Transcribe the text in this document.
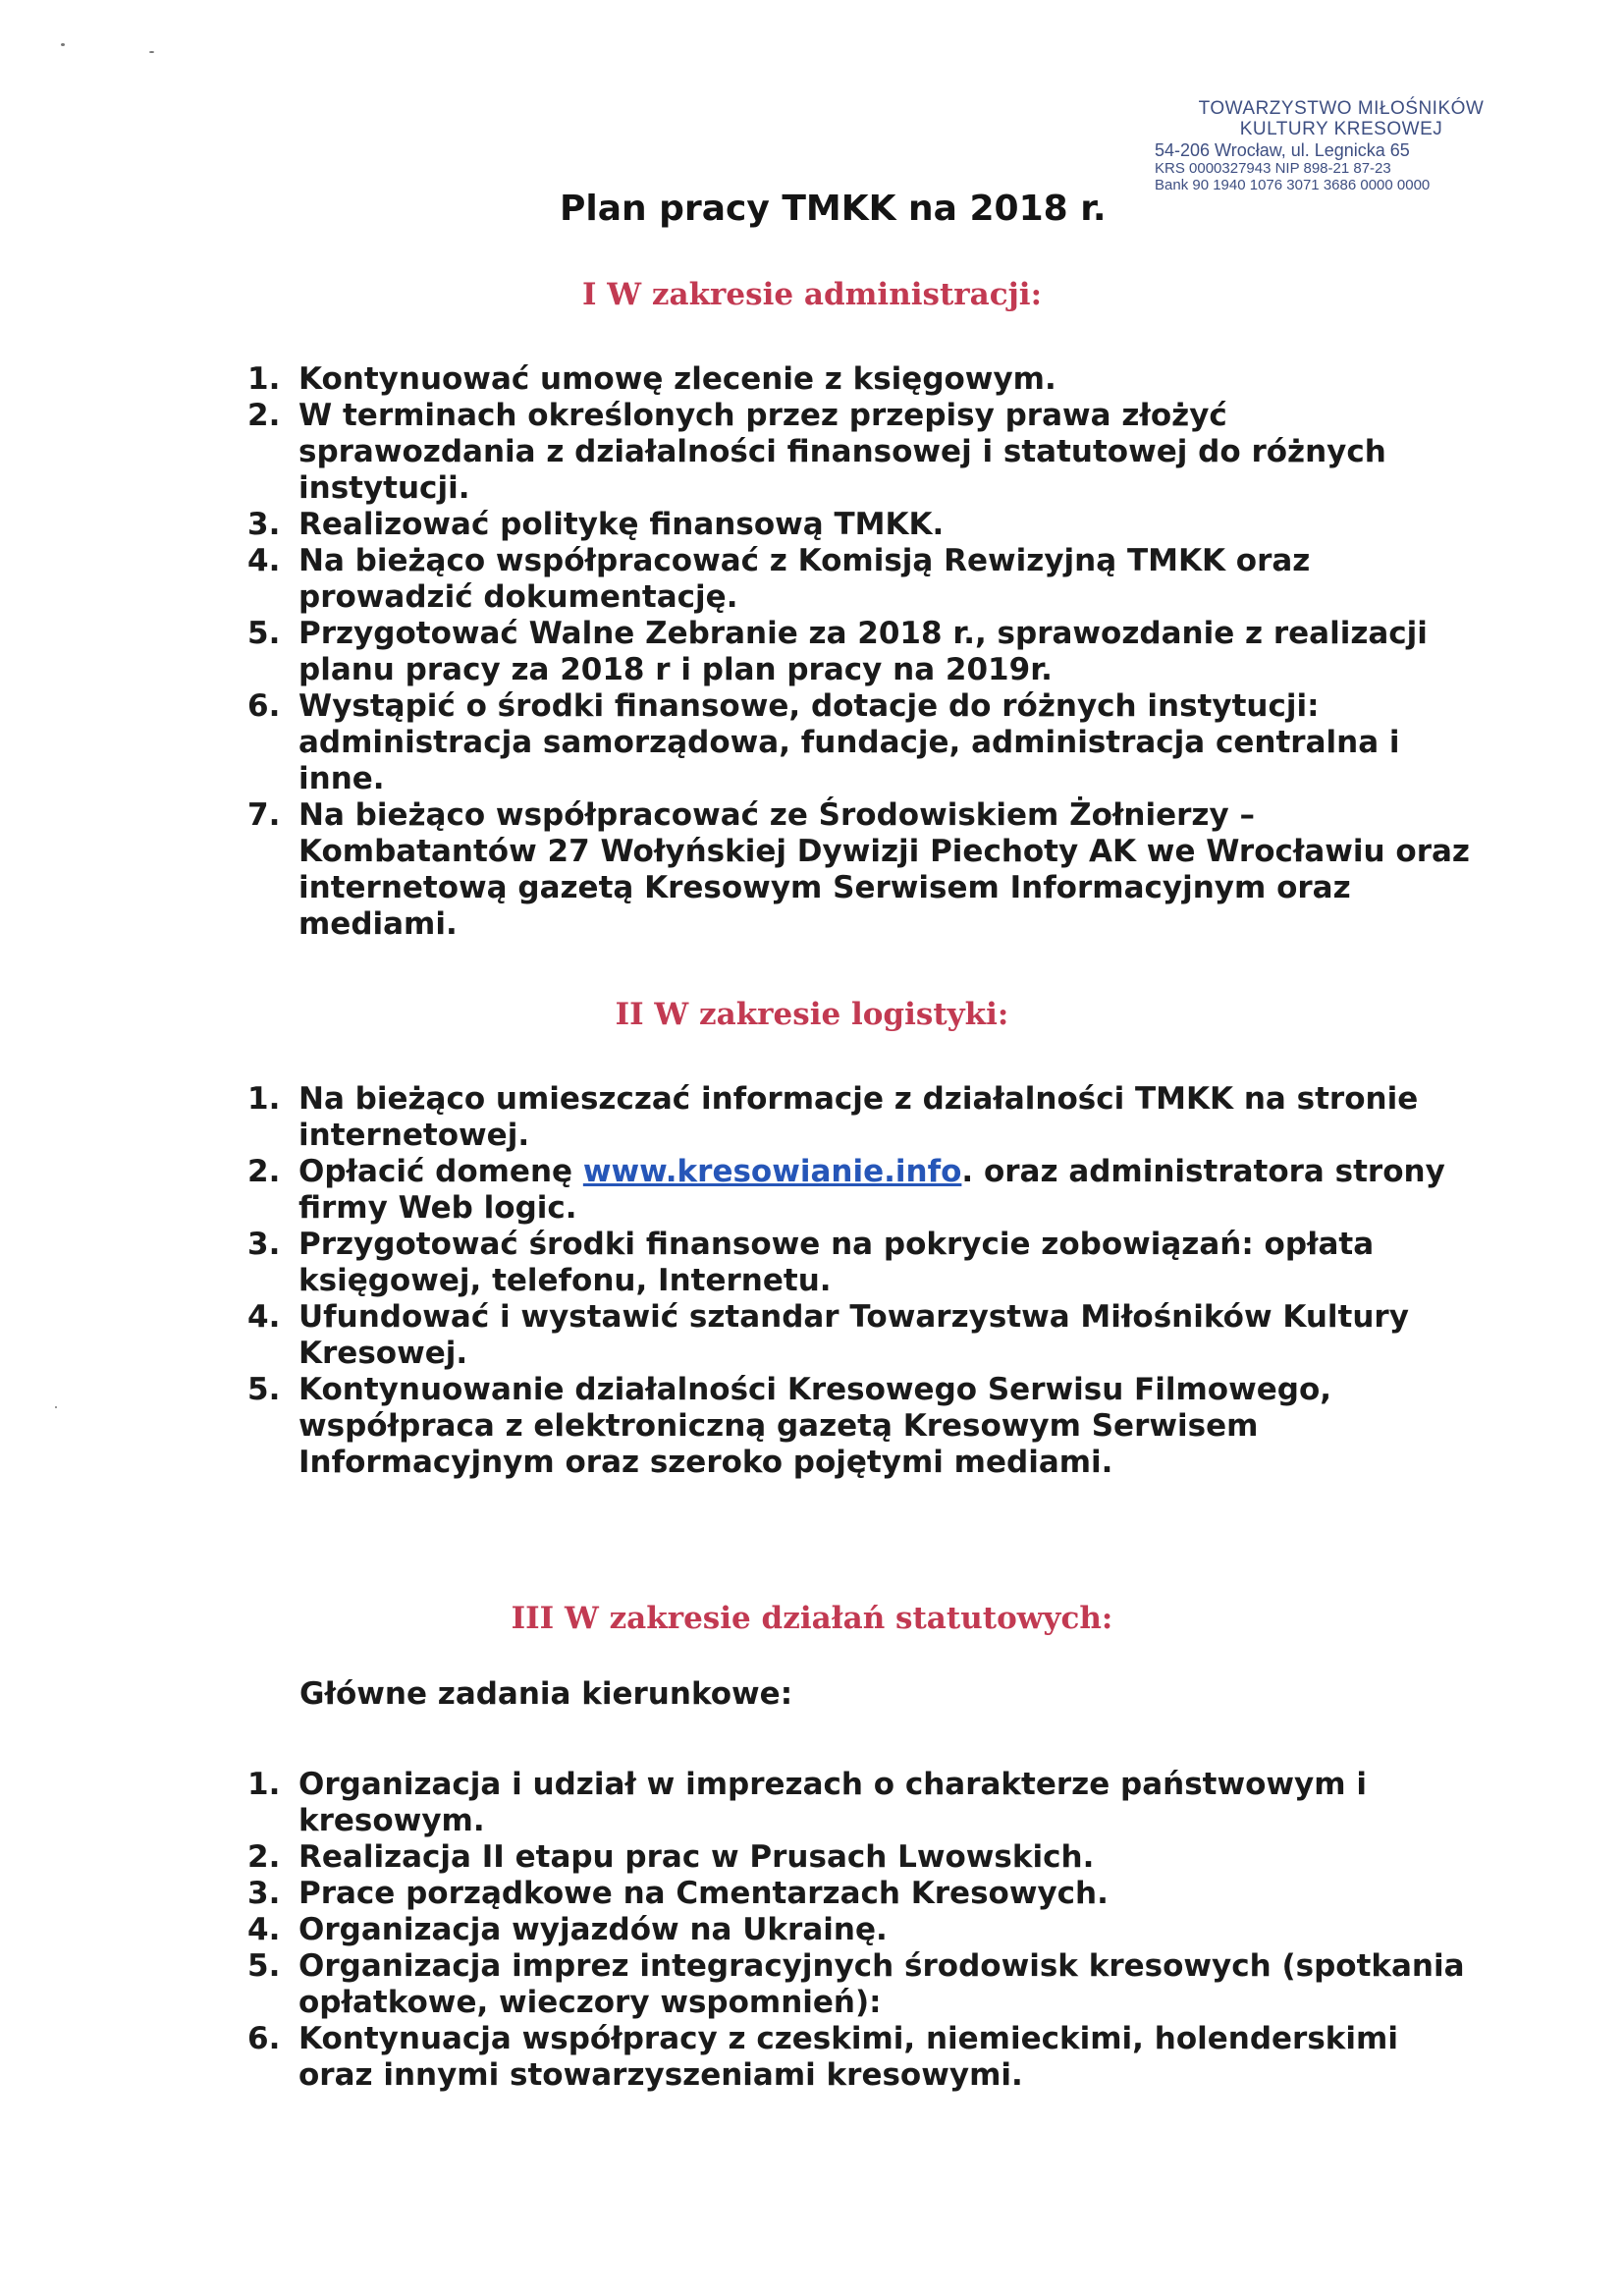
TOWARZYSTWO MIŁOŚNIKÓW
KULTURY KRESOWEJ
54-206 Wrocław, ul. Legnicka 65
KRS 0000327943 NIP 898-21 87-23
Bank 90 1940 1076 3071 3686 0000 0000
Plan pracy TMKK na 2018 r.
I W zakresie administracji:
1. Kontynuować umowę zlecenie z księgowym.
2. W terminach określonych przez przepisy prawa złożyć sprawozdania z działalności finansowej i statutowej do różnych instytucji.
3. Realizować politykę finansową TMKK.
4. Na bieżąco współpracować z Komisją Rewizyjną TMKK oraz prowadzić dokumentację.
5. Przygotować Walne Zebranie za 2018 r., sprawozdanie z realizacji planu pracy za 2018 r i plan pracy na 2019r.
6. Wystąpić o środki finansowe, dotacje do różnych instytucji: administracja samorządowa, fundacje, administracja centralna i inne.
7. Na bieżąco współpracować ze Środowiskiem Żołnierzy – Kombatantów 27 Wołyńskiej Dywizji Piechoty AK we Wrocławiu oraz internetową gazetą Kresowym Serwisem Informacyjnym oraz mediami.
II W zakresie logistyki:
1. Na bieżąco umieszczać informacje z działalności TMKK na stronie internetowej.
2. Opłacić domenę www.kresowianie.info. oraz administratora strony firmy Web logic.
3. Przygotować środki finansowe na pokrycie zobowiązań: opłata księgowej, telefonu, Internetu.
4. Ufundować i wystawić sztandar Towarzystwa Miłośników Kultury Kresowej.
5. Kontynuowanie działalności Kresowego Serwisu Filmowego, współpraca z elektroniczną gazetą Kresowym Serwisem Informacyjnym oraz szeroko pojętymi mediami.
III W zakresie działań statutowych:
Główne zadania kierunkowe:
1. Organizacja i udział w imprezach o charakterze państwowym i kresowym.
2. Realizacja II etapu prac w Prusach Lwowskich.
3. Prace porządkowe na Cmentarzach Kresowych.
4. Organizacja wyjazdów na Ukrainę.
5. Organizacja imprez integracyjnych środowisk kresowych (spotkania opłatkowe, wieczory wspomnień):
6. Kontynuacja współpracy z czeskimi, niemieckimi, holenderskimi oraz innymi stowarzyszeniami kresowymi.
